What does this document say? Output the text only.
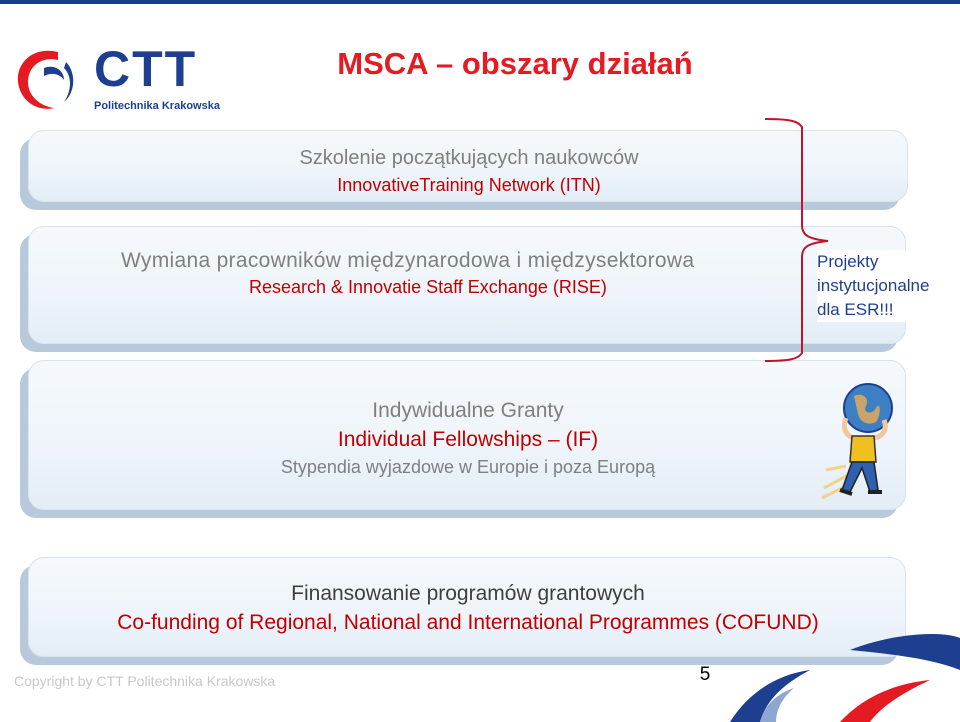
CTT
Politechnika Krakowska
MSCA – obszary działań
Szkolenie początkujących naukowców
InnovativeTraining Network (ITN)
Wymiana pracowników międzynarodowa i międzysektorowa
Research & Innovatie Staff Exchange (RISE)
Indywidualne Granty
Individual Fellowships – (IF)
Stypendia wyjazdowe w Europie i poza Europą
Finansowanie programów grantowych
Co-funding of Regional, National and International Programmes (COFUND)
Projekty
instytucjonalne
dla ESR!!!
Copyright by CTT Politechnika Krakowska	5
